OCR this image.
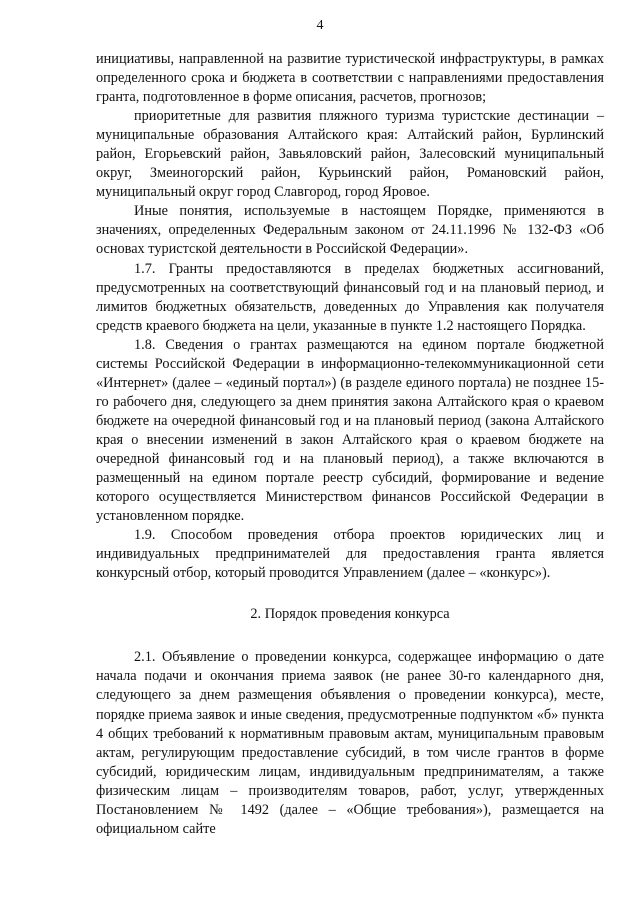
4

инициативы, направленной на развитие туристической инфраструктуры, в рамках определенного срока и бюджета в соответствии с направлениями предоставления гранта, подготовленное в форме описания, расчетов, прогнозов;

приоритетные для развития пляжного туризма туристские дестинации – муниципальные образования Алтайского края: Алтайский район, Бурлинский район, Егорьевский район, Завьяловский район, Залесовский муниципальный округ, Змеиногорский район, Курьинский район, Романовский район, муниципальный округ город Славгород, город Яровое.

Иные понятия, используемые в настоящем Порядке, применяются в значениях, определенных Федеральным законом от 24.11.1996 № 132-ФЗ «Об основах туристской деятельности в Российской Федерации».

1.7. Гранты предоставляются в пределах бюджетных ассигнований, предусмотренных на соответствующий финансовый год и на плановый период, и лимитов бюджетных обязательств, доведенных до Управления как получателя средств краевого бюджета на цели, указанные в пункте 1.2 настоящего Порядка.

1.8. Сведения о грантах размещаются на едином портале бюджетной системы Российской Федерации в информационно-телекоммуникационной сети «Интернет» (далее – «единый портал») (в разделе единого портала) не позднее 15-го рабочего дня, следующего за днем принятия закона Алтайского края о краевом бюджете на очередной финансовый год и на плановый период (закона Алтайского края о внесении изменений в закон Алтайского края о краевом бюджете на очередной финансовый год и на плановый период), а также включаются в размещенный на едином портале реестр субсидий, формирование и ведение которого осуществляется Министерством финансов Российской Федерации в установленном порядке.

1.9. Способом проведения отбора проектов юридических лиц и индивидуальных предпринимателей для предоставления гранта является конкурсный отбор, который проводится Управлением (далее – «конкурс»).

2. Порядок проведения конкурса

2.1. Объявление о проведении конкурса, содержащее информацию о дате начала подачи и окончания приема заявок (не ранее 30-го календарного дня, следующего за днем размещения объявления о проведении конкурса), месте, порядке приема заявок и иные сведения, предусмотренные подпунктом «б» пункта 4 общих требований к нормативным правовым актам, муниципальным правовым актам, регулирующим предоставление субсидий, в том числе грантов в форме субсидий, юридическим лицам, индивидуальным предпринимателям, а также физическим лицам – производителям товаров, работ, услуг, утвержденных Постановлением № 1492 (далее – «Общие требования»), размещается на официальном сайте
